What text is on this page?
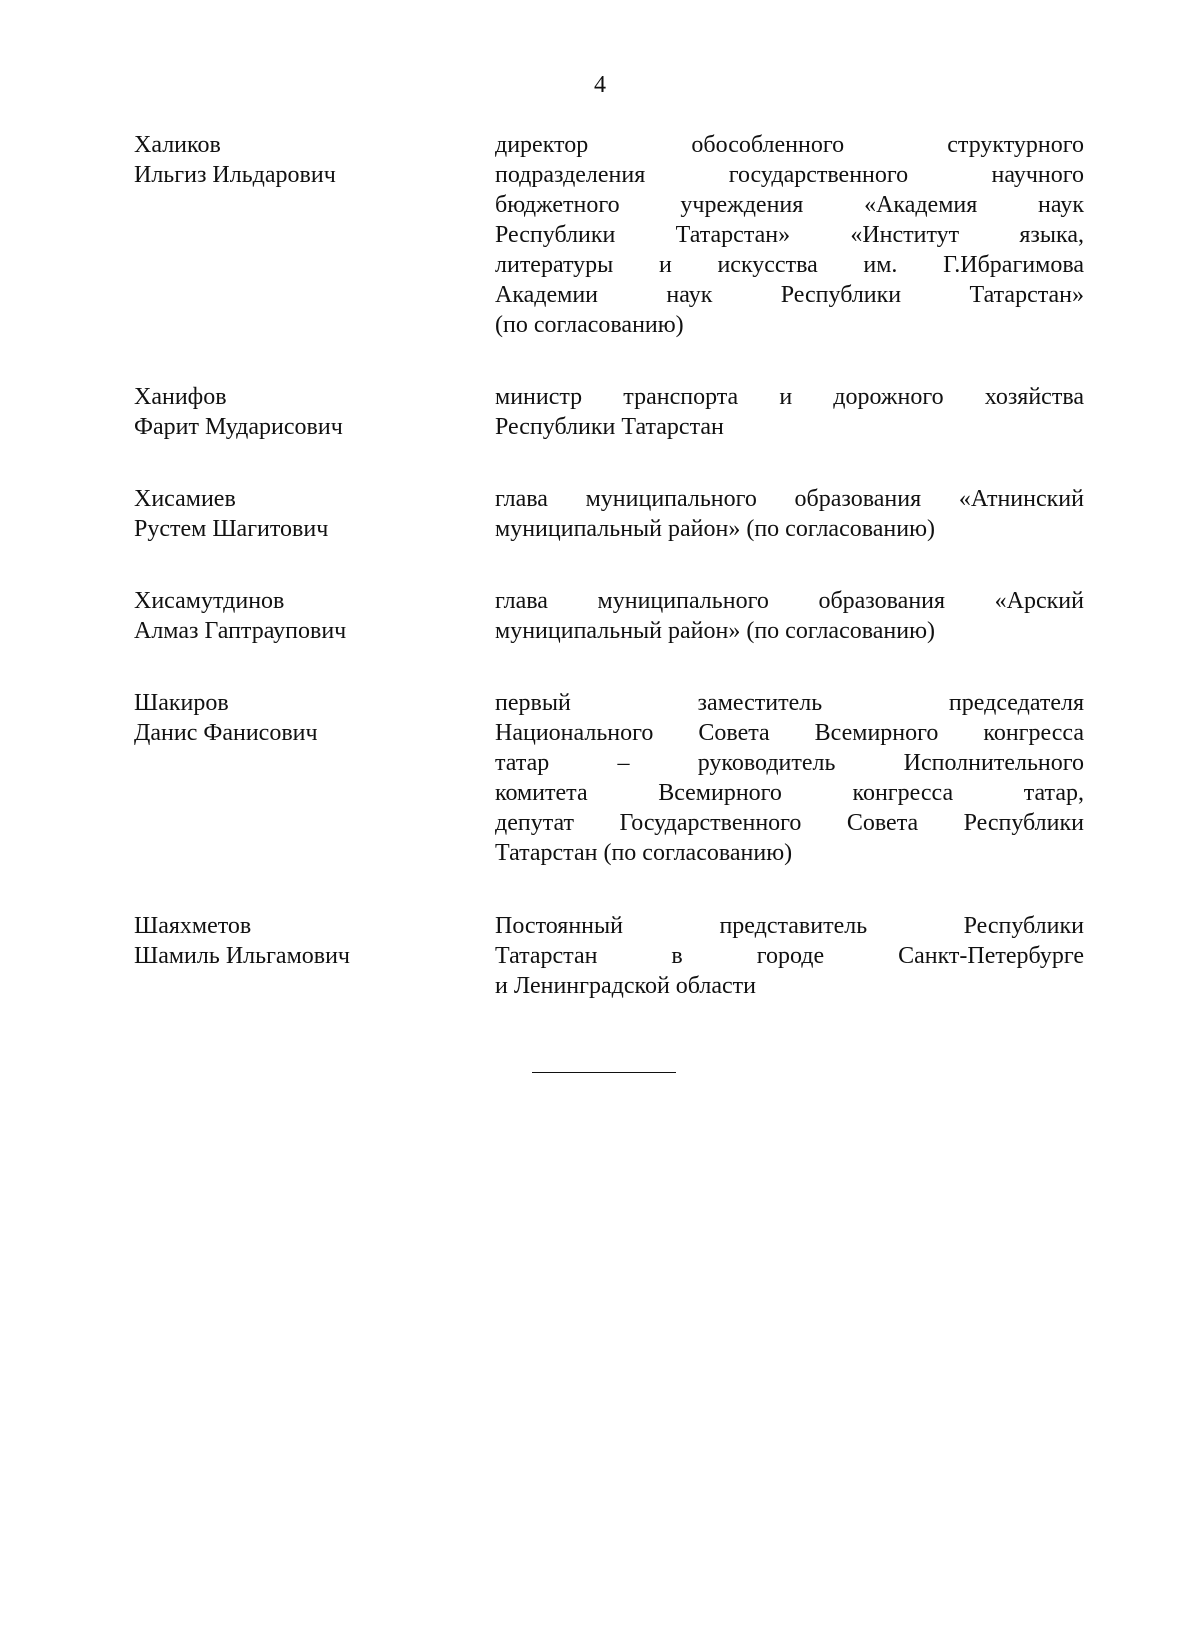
4
Халиков
Ильгиз Ильдарович
директор обособленного структурного
подразделения государственного научного
бюджетного учреждения «Академия наук
Республики Татарстан» «Институт языка,
литературы и искусства им. Г.Ибрагимова
Академии наук Республики Татарстан»
(по согласованию)
Ханифов
Фарит Мударисович
министр транспорта и дорожного хозяйства
Республики Татарстан
Хисамиев
Рустем Шагитович
глава муниципального образования «Атнинский
муниципальный район» (по согласованию)
Хисамутдинов
Алмаз Гаптраупович
глава муниципального образования «Арский
муниципальный район» (по согласованию)
Шакиров
Данис Фанисович
первый заместитель председателя
Национального Совета Всемирного конгресса
татар – руководитель Исполнительного
комитета Всемирного конгресса татар,
депутат Государственного Совета Республики
Татарстан (по согласованию)
Шаяхметов
Шамиль Ильгамович
Постоянный представитель Республики
Татарстан в городе Санкт-Петербурге
и Ленинградской области
